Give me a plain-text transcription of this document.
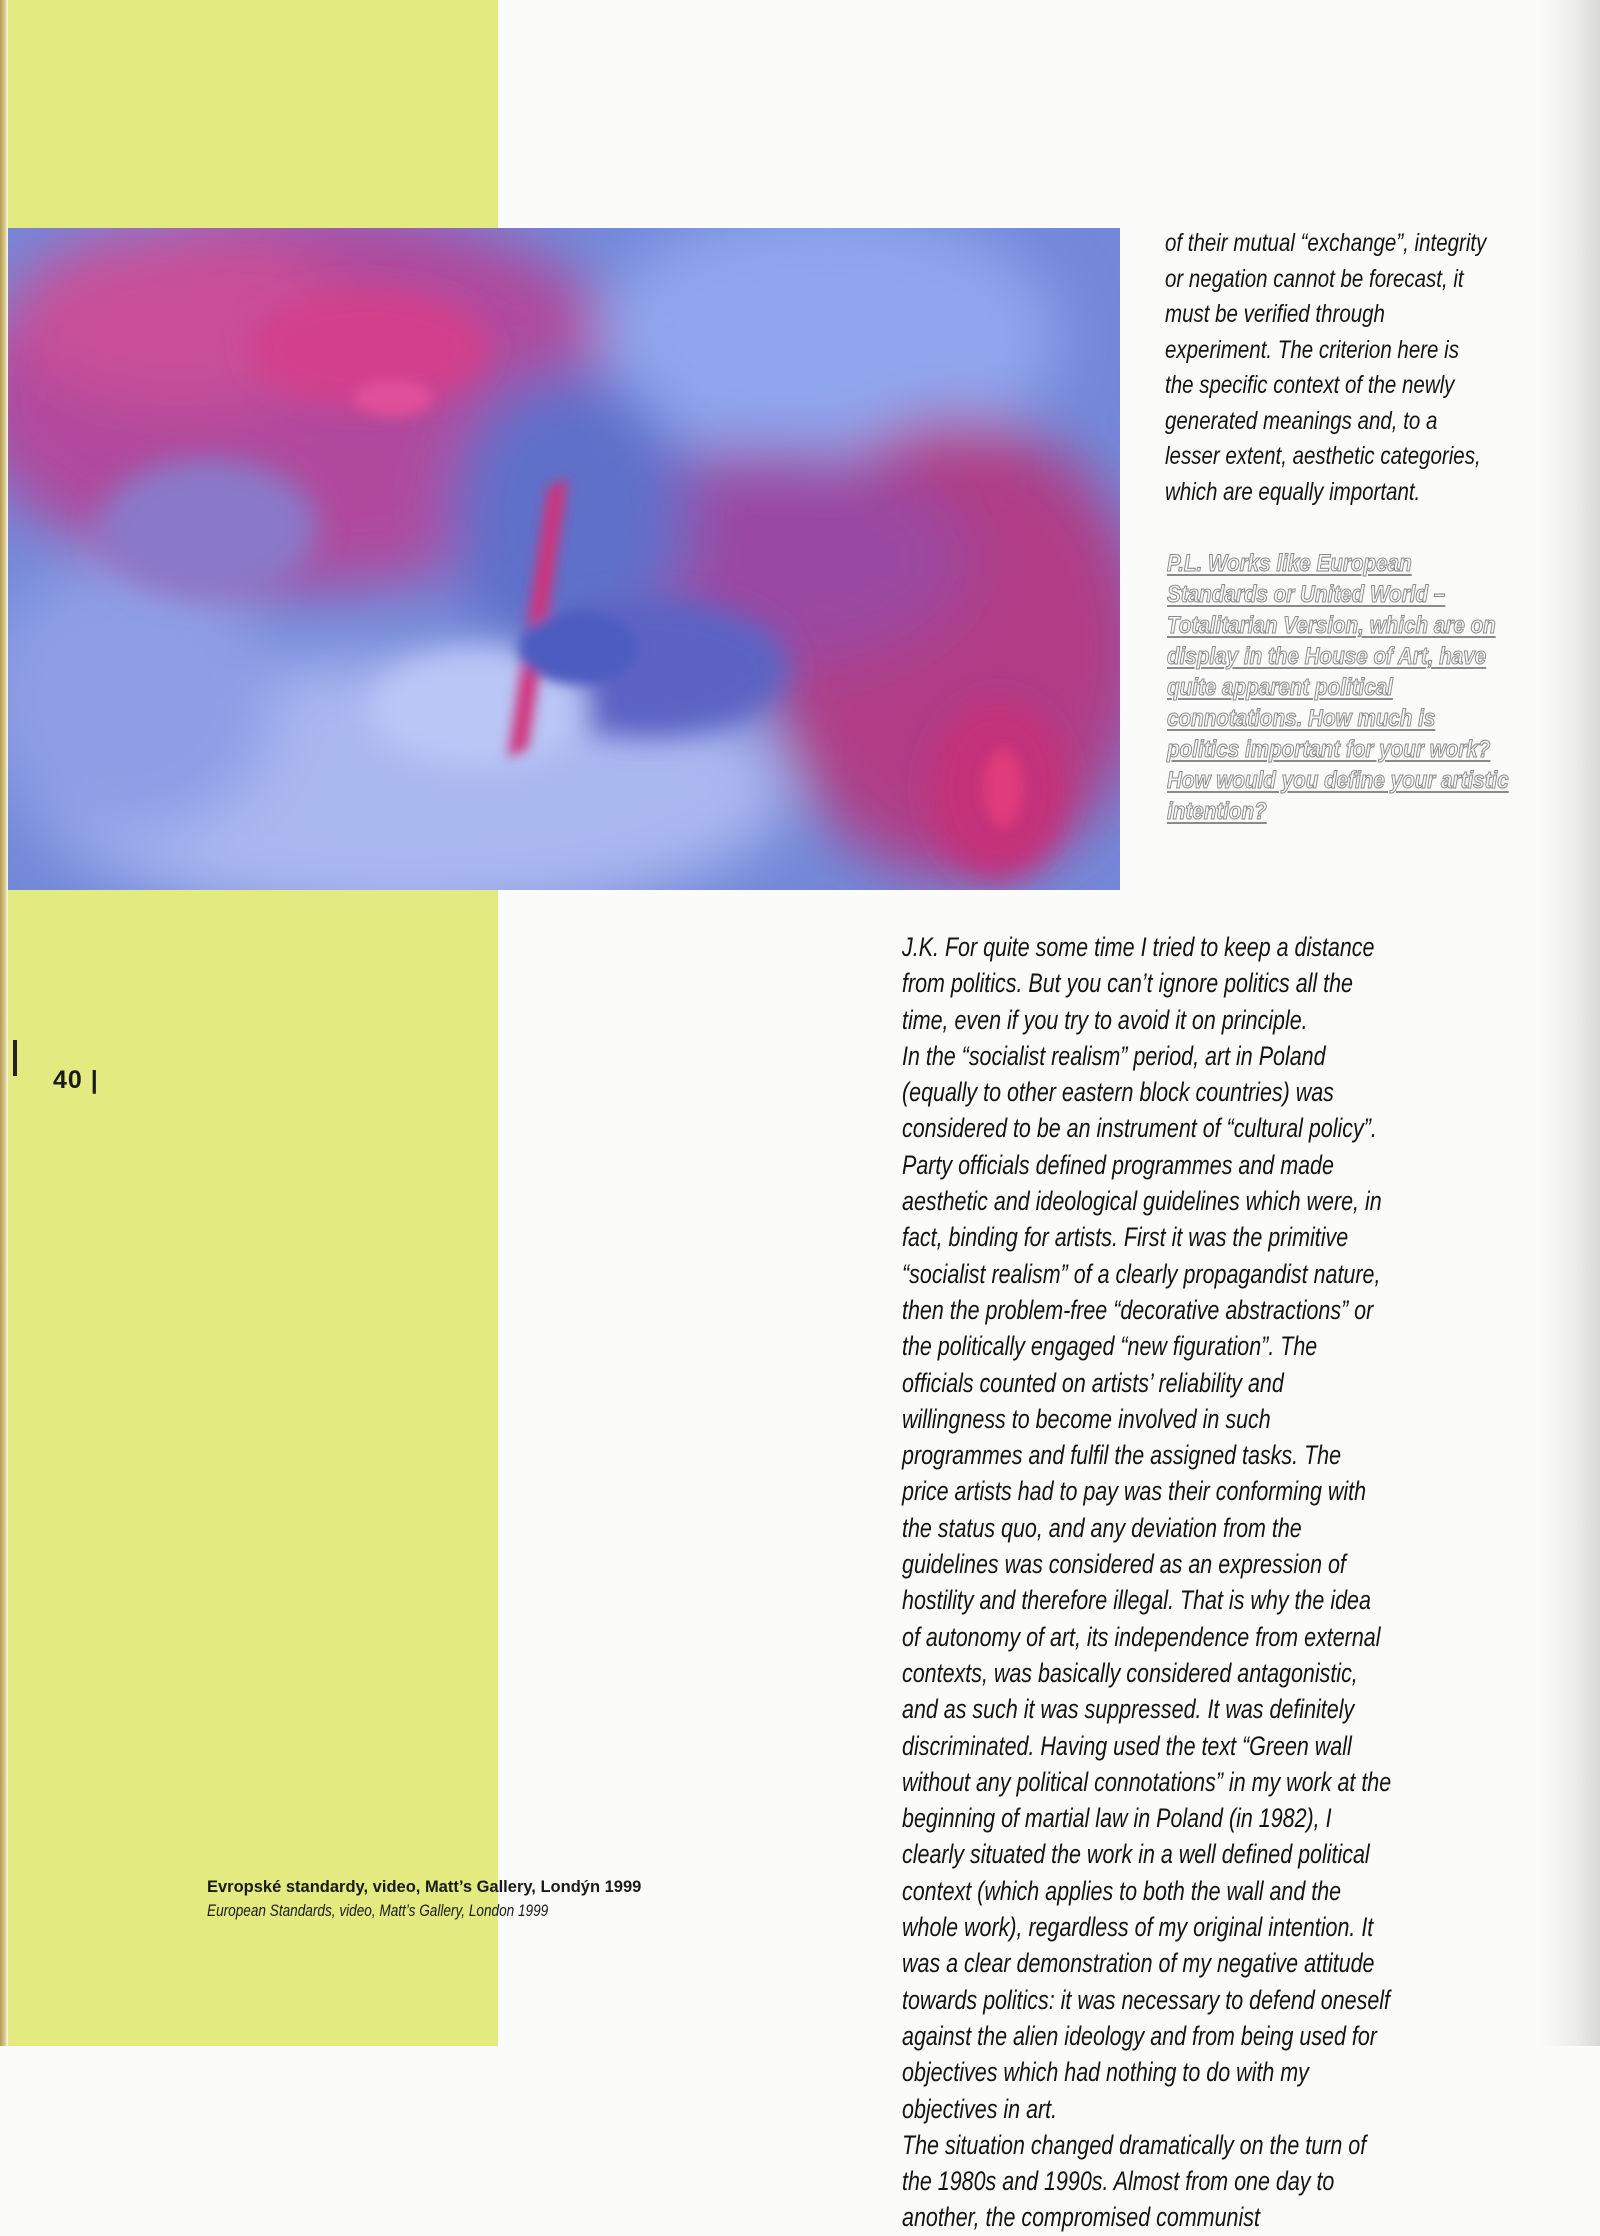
of their mutual “exchange”, integrity or negation cannot be forecast, it must be verified through experiment. The criterion here is the specific context of the newly generated meanings and, to a lesser extent, aesthetic categories, which are equally important.
P.L. Works like European Standards or United World – Totalitarian Version, which are on display in the House of Art, have quite apparent political connotations. How much is politics important for your work? How would you define your artistic intention?

J.K. For quite some time I tried to keep a distance from politics. But you can’t ignore politics all the time, even if you try to avoid it on principle.

In the “socialist realism” period, art in Poland (equally to other eastern block countries) was considered to be an instrument of “cultural policy”. Party officials defined programmes and made aesthetic and ideological guidelines which were, in fact, binding for artists. First it was the primitive “socialist realism” of a clearly propagandist nature, then the problem-free “decorative abstractions” or the politically engaged “new figuration”. The officials counted on artists’ reliability and willingness to become involved in such programmes and fulfil the assigned tasks. The price artists had to pay was their conforming with the status quo, and any deviation from the guidelines was considered as an expression of hostility and therefore illegal. That is why the idea of autonomy of art, its independence from external contexts, was basically considered antagonistic, and as such it was suppressed. It was definitely discriminated. Having used the text “Green wall without any political connotations” in my work at the beginning of martial law in Poland (in 1982), I clearly situated the work in a well defined political context (which applies to both the wall and the whole work), regardless of my original intention. It was a clear demonstration of my negative attitude towards politics: it was necessary to defend oneself against the alien ideology and from being used for objectives which had nothing to do with my objectives in art.

The situation changed dramatically on the turn of the 1980s and 1990s. Almost from one day to another, the compromised communist

40 |
Evropské standardy, video, Matt’s Gallery, Londýn 1999
European Standards, video, Matt’s Gallery, London 1999
